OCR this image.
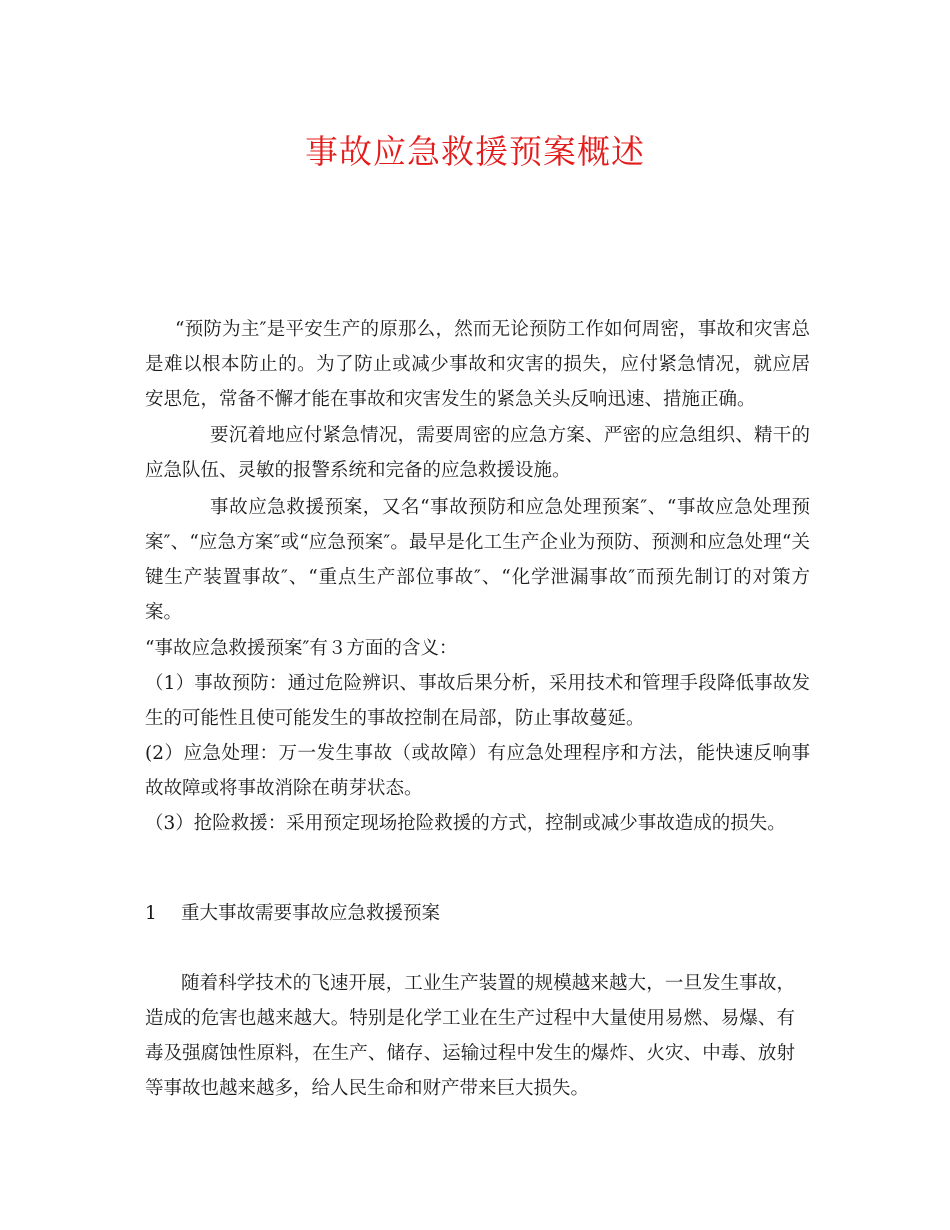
事故应急救援预案概述

“预防为主″是平安生产的原那么，然而无论预防工作如何周密，事故和灾害总是难以根本防止的。为了防止或减少事故和灾害的损失，应付紧急情况，就应居安思危，常备不懈才能在事故和灾害发生的紧急关头反响迅速、措施正确。

要沉着地应付紧急情况，需要周密的应急方案、严密的应急组织、精干的应急队伍、灵敏的报警系统和完备的应急救援设施。

事故应急救援预案，又名“事故预防和应急处理预案″、“事故应急处理预案″、“应急方案″或“应急预案″。最早是化工生产企业为预防、预测和应急处理“关键生产装置事故″、“重点生产部位事故″、“化学泄漏事故″而预先制订的对策方案。

“事故应急救援预案″有３方面的含义：

（1）事故预防：通过危险辨识、事故后果分析，采用技术和管理手段降低事故发生的可能性且使可能发生的事故控制在局部，防止事故蔓延。

(2）应急处理：万一发生事故（或故障）有应急处理程序和方法，能快速反响事故故障或将事故消除在萌芽状态。

（3）抢险救援：采用预定现场抢险救援的方式，控制或减少事故造成的损失。

1 重大事故需要事故应急救援预案

随着科学技术的飞速开展，工业生产装置的规模越来越大，一旦发生事故，造成的危害也越来越大。特别是化学工业在生产过程中大量使用易燃、易爆、有毒及强腐蚀性原料，在生产、储存、运输过程中发生的爆炸、火灾、中毒、放射等事故也越来越多，给人民生命和财产带来巨大损失。
